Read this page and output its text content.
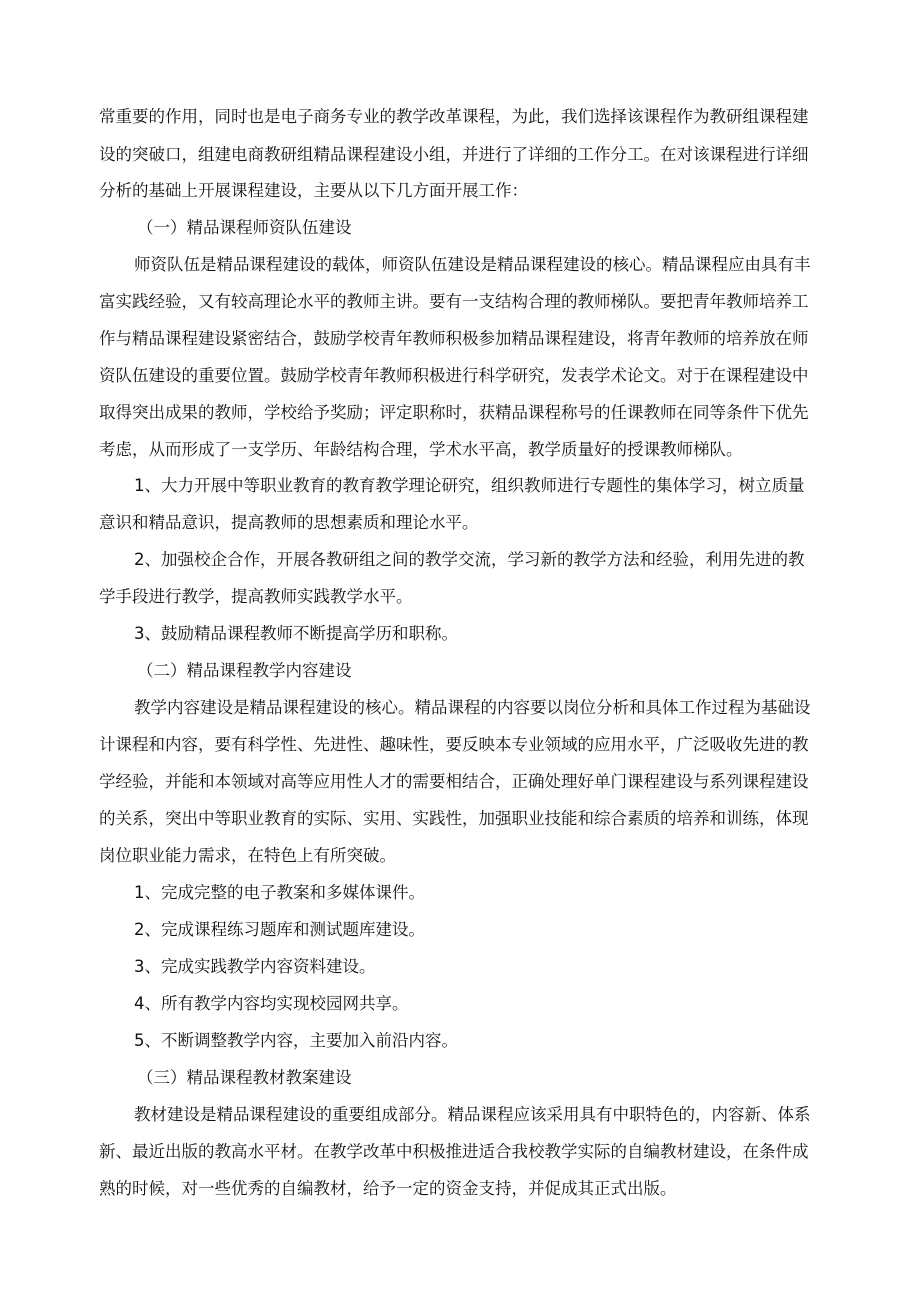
常重要的作用，同时也是电子商务专业的教学改革课程，为此，我们选择该课程作为教研组课程建
设的突破口，组建电商教研组精品课程建设小组，并进行了详细的工作分工。在对该课程进行详细
分析的基础上开展课程建设，主要从以下几方面开展工作：
（一）精品课程师资队伍建设
师资队伍是精品课程建设的载体，师资队伍建设是精品课程建设的核心。精品课程应由具有丰
富实践经验，又有较高理论水平的教师主讲。要有一支结构合理的教师梯队。要把青年教师培养工
作与精品课程建设紧密结合，鼓励学校青年教师积极参加精品课程建设，将青年教师的培养放在师
资队伍建设的重要位置。鼓励学校青年教师积极进行科学研究，发表学术论文。对于在课程建设中
取得突出成果的教师，学校给予奖励；评定职称时，获精品课程称号的任课教师在同等条件下优先
考虑，从而形成了一支学历、年龄结构合理，学术水平高，教学质量好的授课教师梯队。
1、大力开展中等职业教育的教育教学理论研究，组织教师进行专题性的集体学习，树立质量
意识和精品意识，提高教师的思想素质和理论水平。
2、加强校企合作，开展各教研组之间的教学交流，学习新的教学方法和经验，利用先进的教
学手段进行教学，提高教师实践教学水平。
3、鼓励精品课程教师不断提高学历和职称。
（二）精品课程教学内容建设
教学内容建设是精品课程建设的核心。精品课程的内容要以岗位分析和具体工作过程为基础设
计课程和内容，要有科学性、先进性、趣味性，要反映本专业领域的应用水平，广泛吸收先进的教
学经验，并能和本领域对高等应用性人才的需要相结合，正确处理好单门课程建设与系列课程建设
的关系，突出中等职业教育的实际、实用、实践性，加强职业技能和综合素质的培养和训练，体现
岗位职业能力需求，在特色上有所突破。
1、完成完整的电子教案和多媒体课件。
2、完成课程练习题库和测试题库建设。
3、完成实践教学内容资料建设。
4、所有教学内容均实现校园网共享。
5、不断调整教学内容，主要加入前沿内容。
（三）精品课程教材教案建设
教材建设是精品课程建设的重要组成部分。精品课程应该采用具有中职特色的，内容新、体系
新、最近出版的教高水平材。在教学改革中积极推进适合我校教学实际的自编教材建设，在条件成
熟的时候，对一些优秀的自编教材，给予一定的资金支持，并促成其正式出版。
